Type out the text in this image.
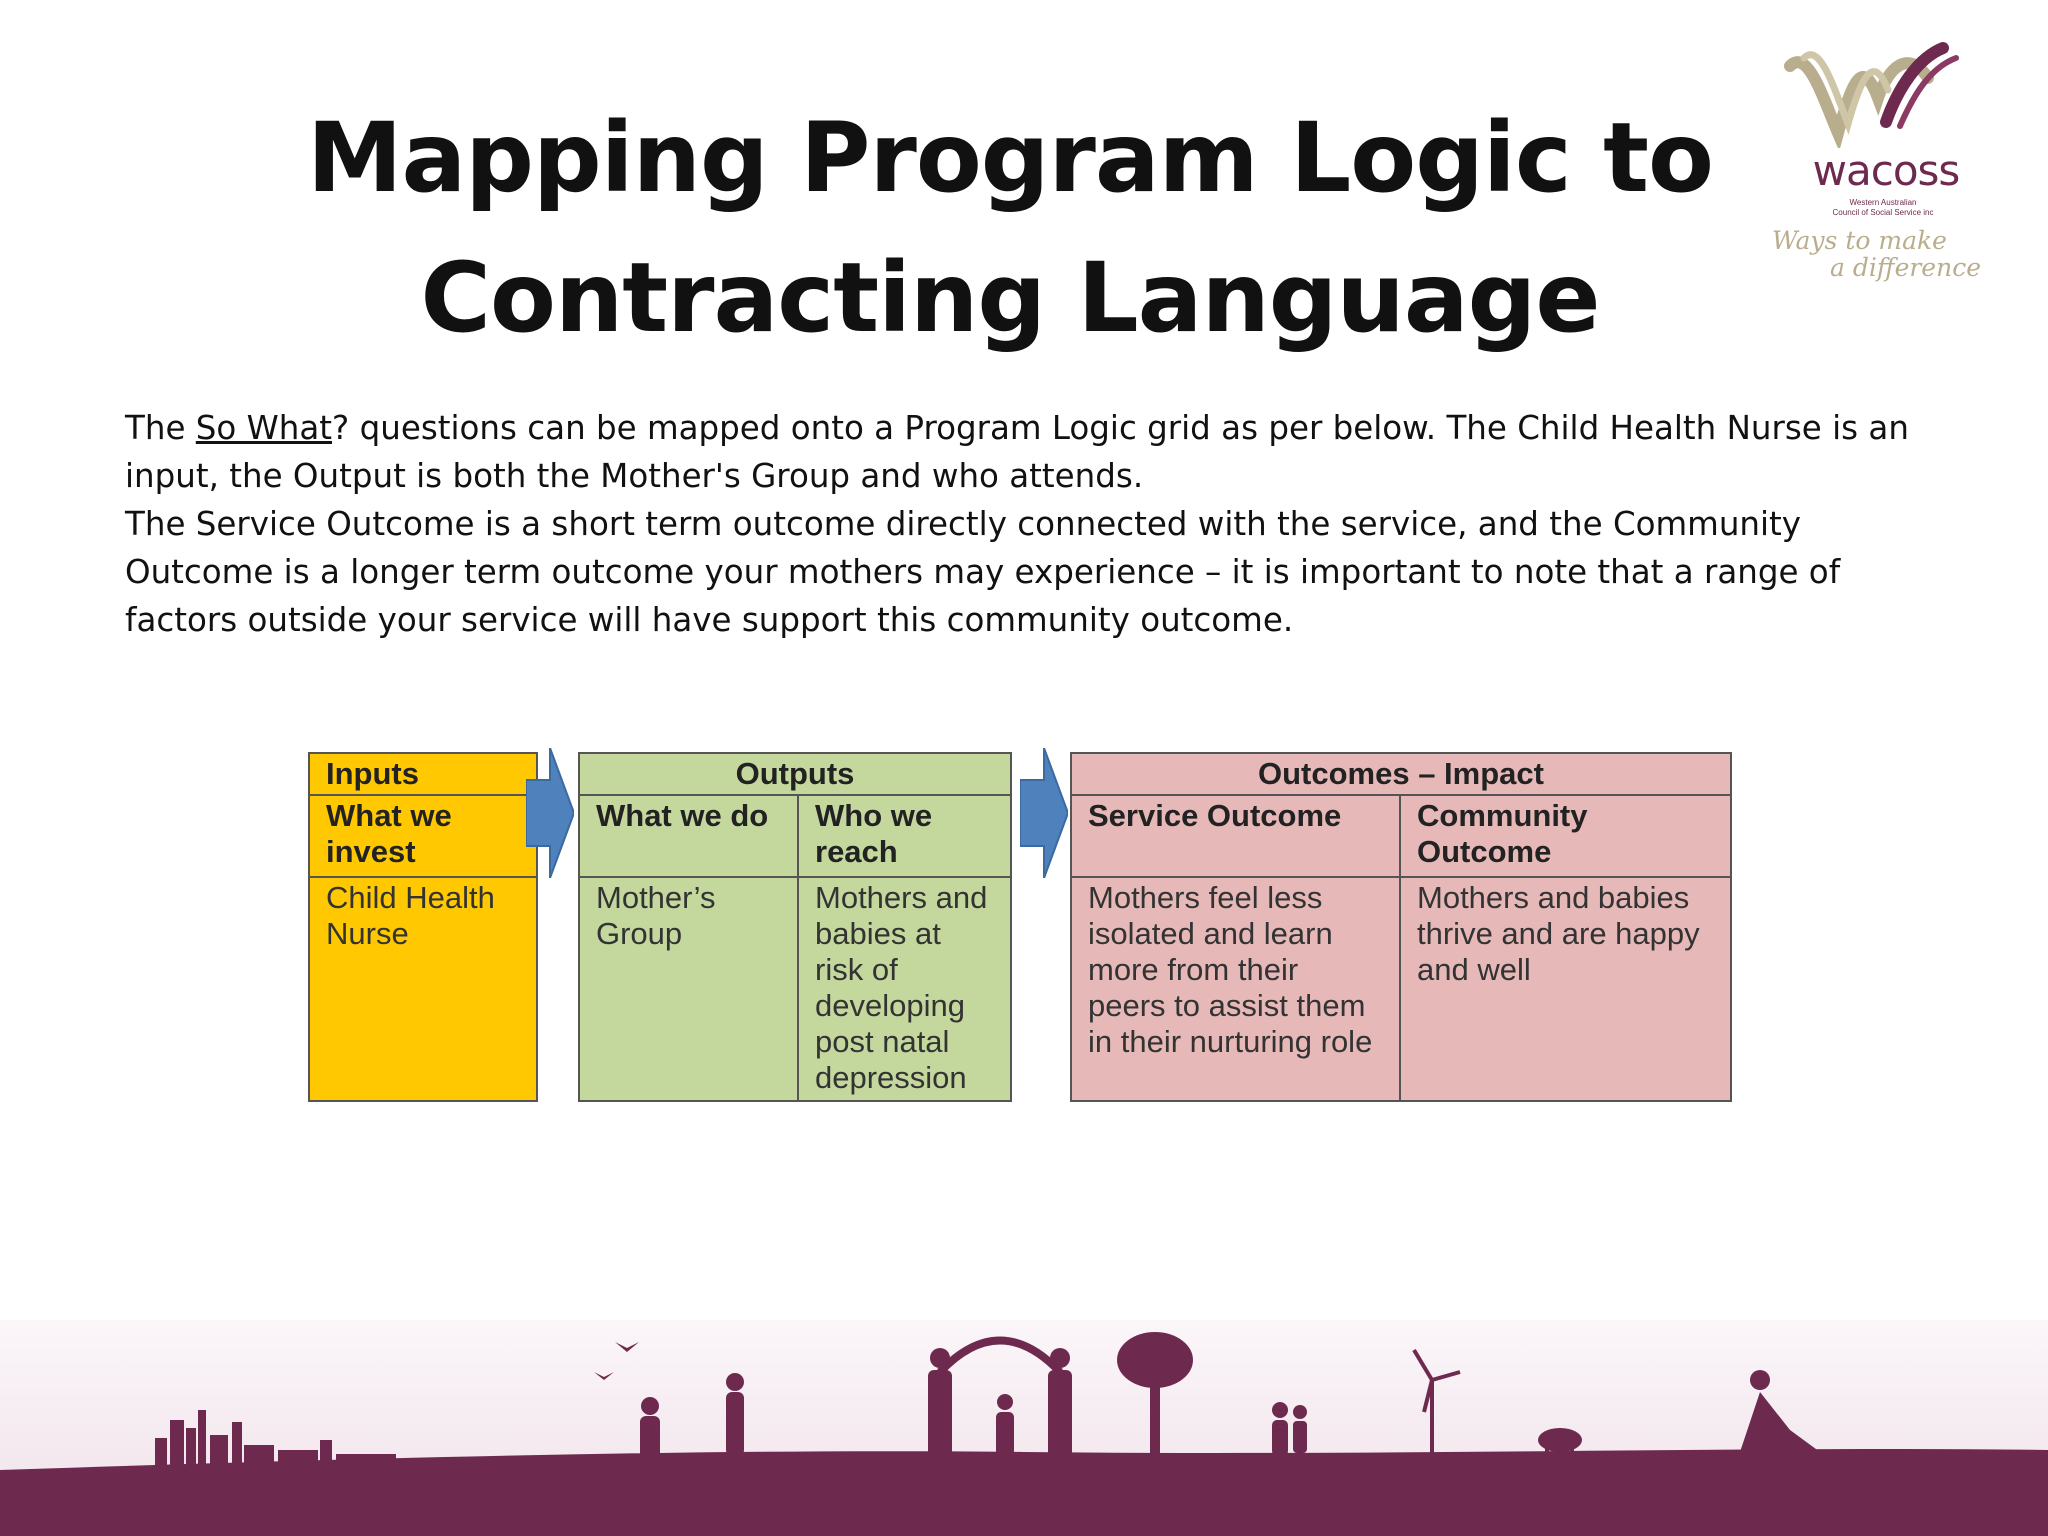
Mapping Program Logic to
Contracting Language
wacoss
Western Australian
Council of Social Service inc
Ways to make
a difference

The So What? questions can be mapped onto a Program Logic grid as per below. The Child Health Nurse is an input, the Output is both the Mother's Group and who attends.

The Service Outcome is a short term outcome directly connected with the service, and the Community Outcome is a longer term outcome your mothers may experience – it is important to note that a range of factors outside your service will have support this community outcome.

Inputs
What we invest
Child Health Nurse
Outputs	
What we do	Who we reach
Mother’s Group	Mothers and babies at risk of developing post natal depression
Outcomes – Impact	
Service Outcome	Community Outcome
Mothers feel less isolated and learn more from their peers to assist them in their nurturing role	Mothers and babies thrive and are happy and well
